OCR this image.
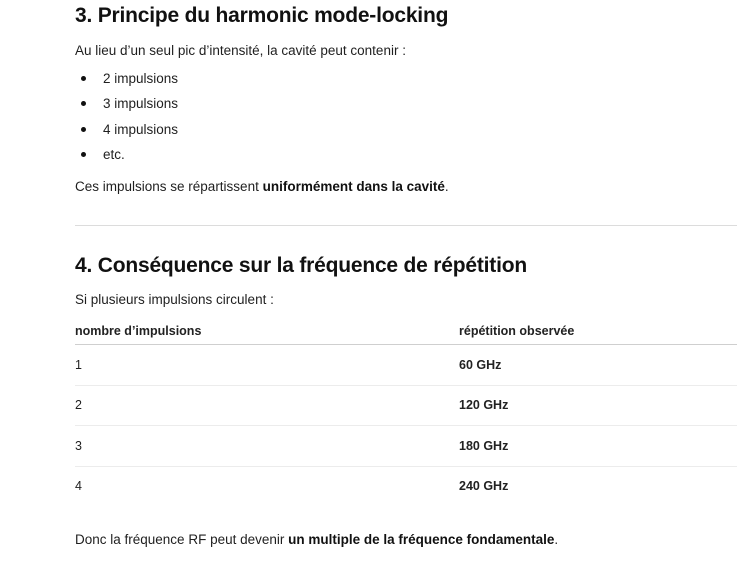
3. Principe du harmonic mode-locking
Au lieu d’un seul pic d’intensité, la cavité peut contenir :
2 impulsions
3 impulsions
4 impulsions
etc.
Ces impulsions se répartissent uniformément dans la cavité.
4. Conséquence sur la fréquence de répétition
Si plusieurs impulsions circulent :
nombre d’impulsions	répétition observée
1	60 GHz
2	120 GHz
3	180 GHz
4	240 GHz
Donc la fréquence RF peut devenir un multiple de la fréquence fondamentale.
